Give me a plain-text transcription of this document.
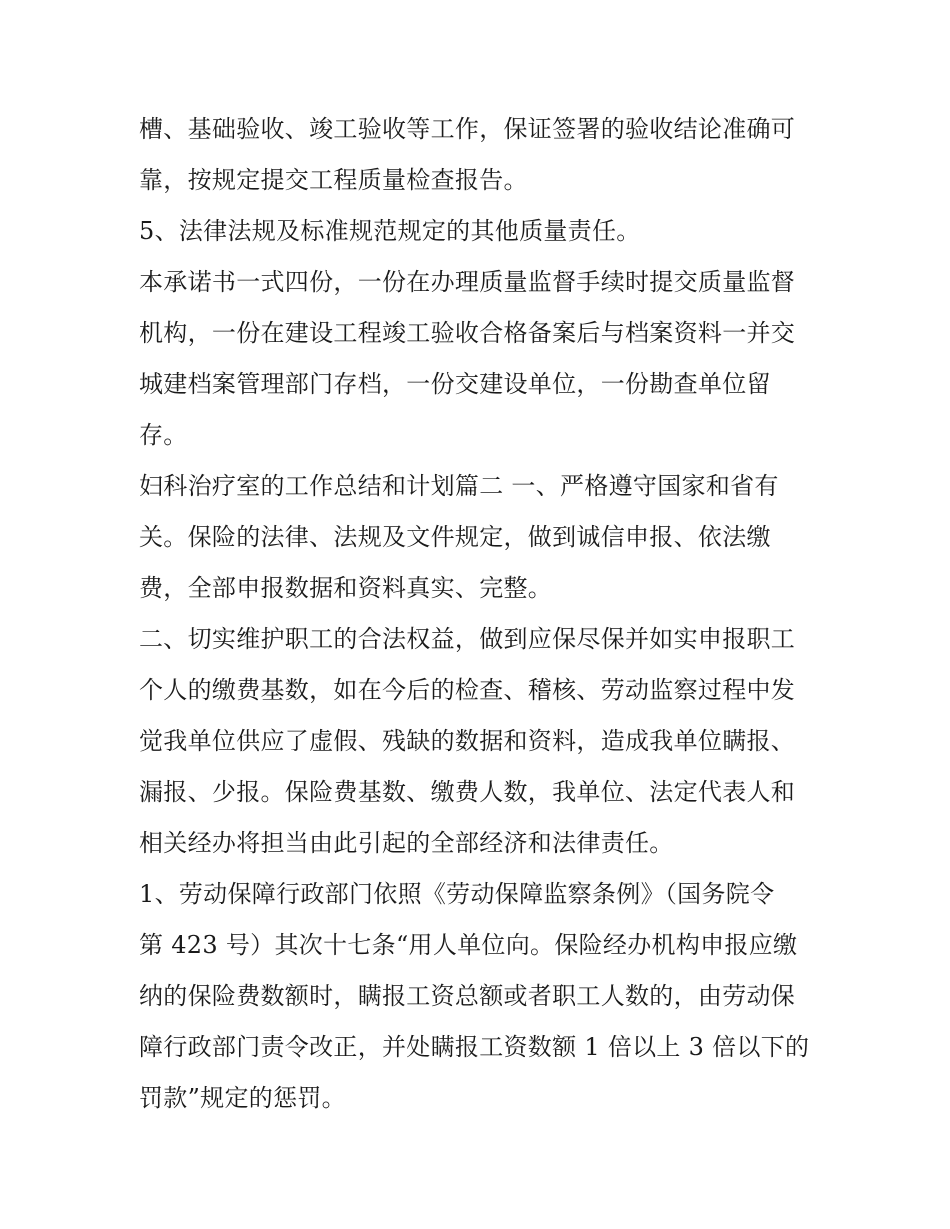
槽、基础验收、竣工验收等工作，保证签署的验收结论准确可
靠，按规定提交工程质量检查报告。
5、法律法规及标准规范规定的其他质量责任。
本承诺书一式四份，一份在办理质量监督手续时提交质量监督
机构，一份在建设工程竣工验收合格备案后与档案资料一并交
城建档案管理部门存档，一份交建设单位，一份勘查单位留
存。
妇科治疗室的工作总结和计划篇二 一、严格遵守国家和省有
关。保险的法律、法规及文件规定，做到诚信申报、依法缴
费，全部申报数据和资料真实、完整。
二、切实维护职工的合法权益，做到应保尽保并如实申报职工
个人的缴费基数，如在今后的检查、稽核、劳动监察过程中发
觉我单位供应了虚假、残缺的数据和资料，造成我单位瞒报、
漏报、少报。保险费基数、缴费人数，我单位、法定代表人和
相关经办将担当由此引起的全部经济和法律责任。
1、劳动保障行政部门依照《劳动保障监察条例》（国务院令
第 423 号）其次十七条“用人单位向。保险经办机构申报应缴
纳的保险费数额时，瞒报工资总额或者职工人数的，由劳动保
障行政部门责令改正，并处瞒报工资数额 1 倍以上 3 倍以下的
罚款”规定的惩罚。
